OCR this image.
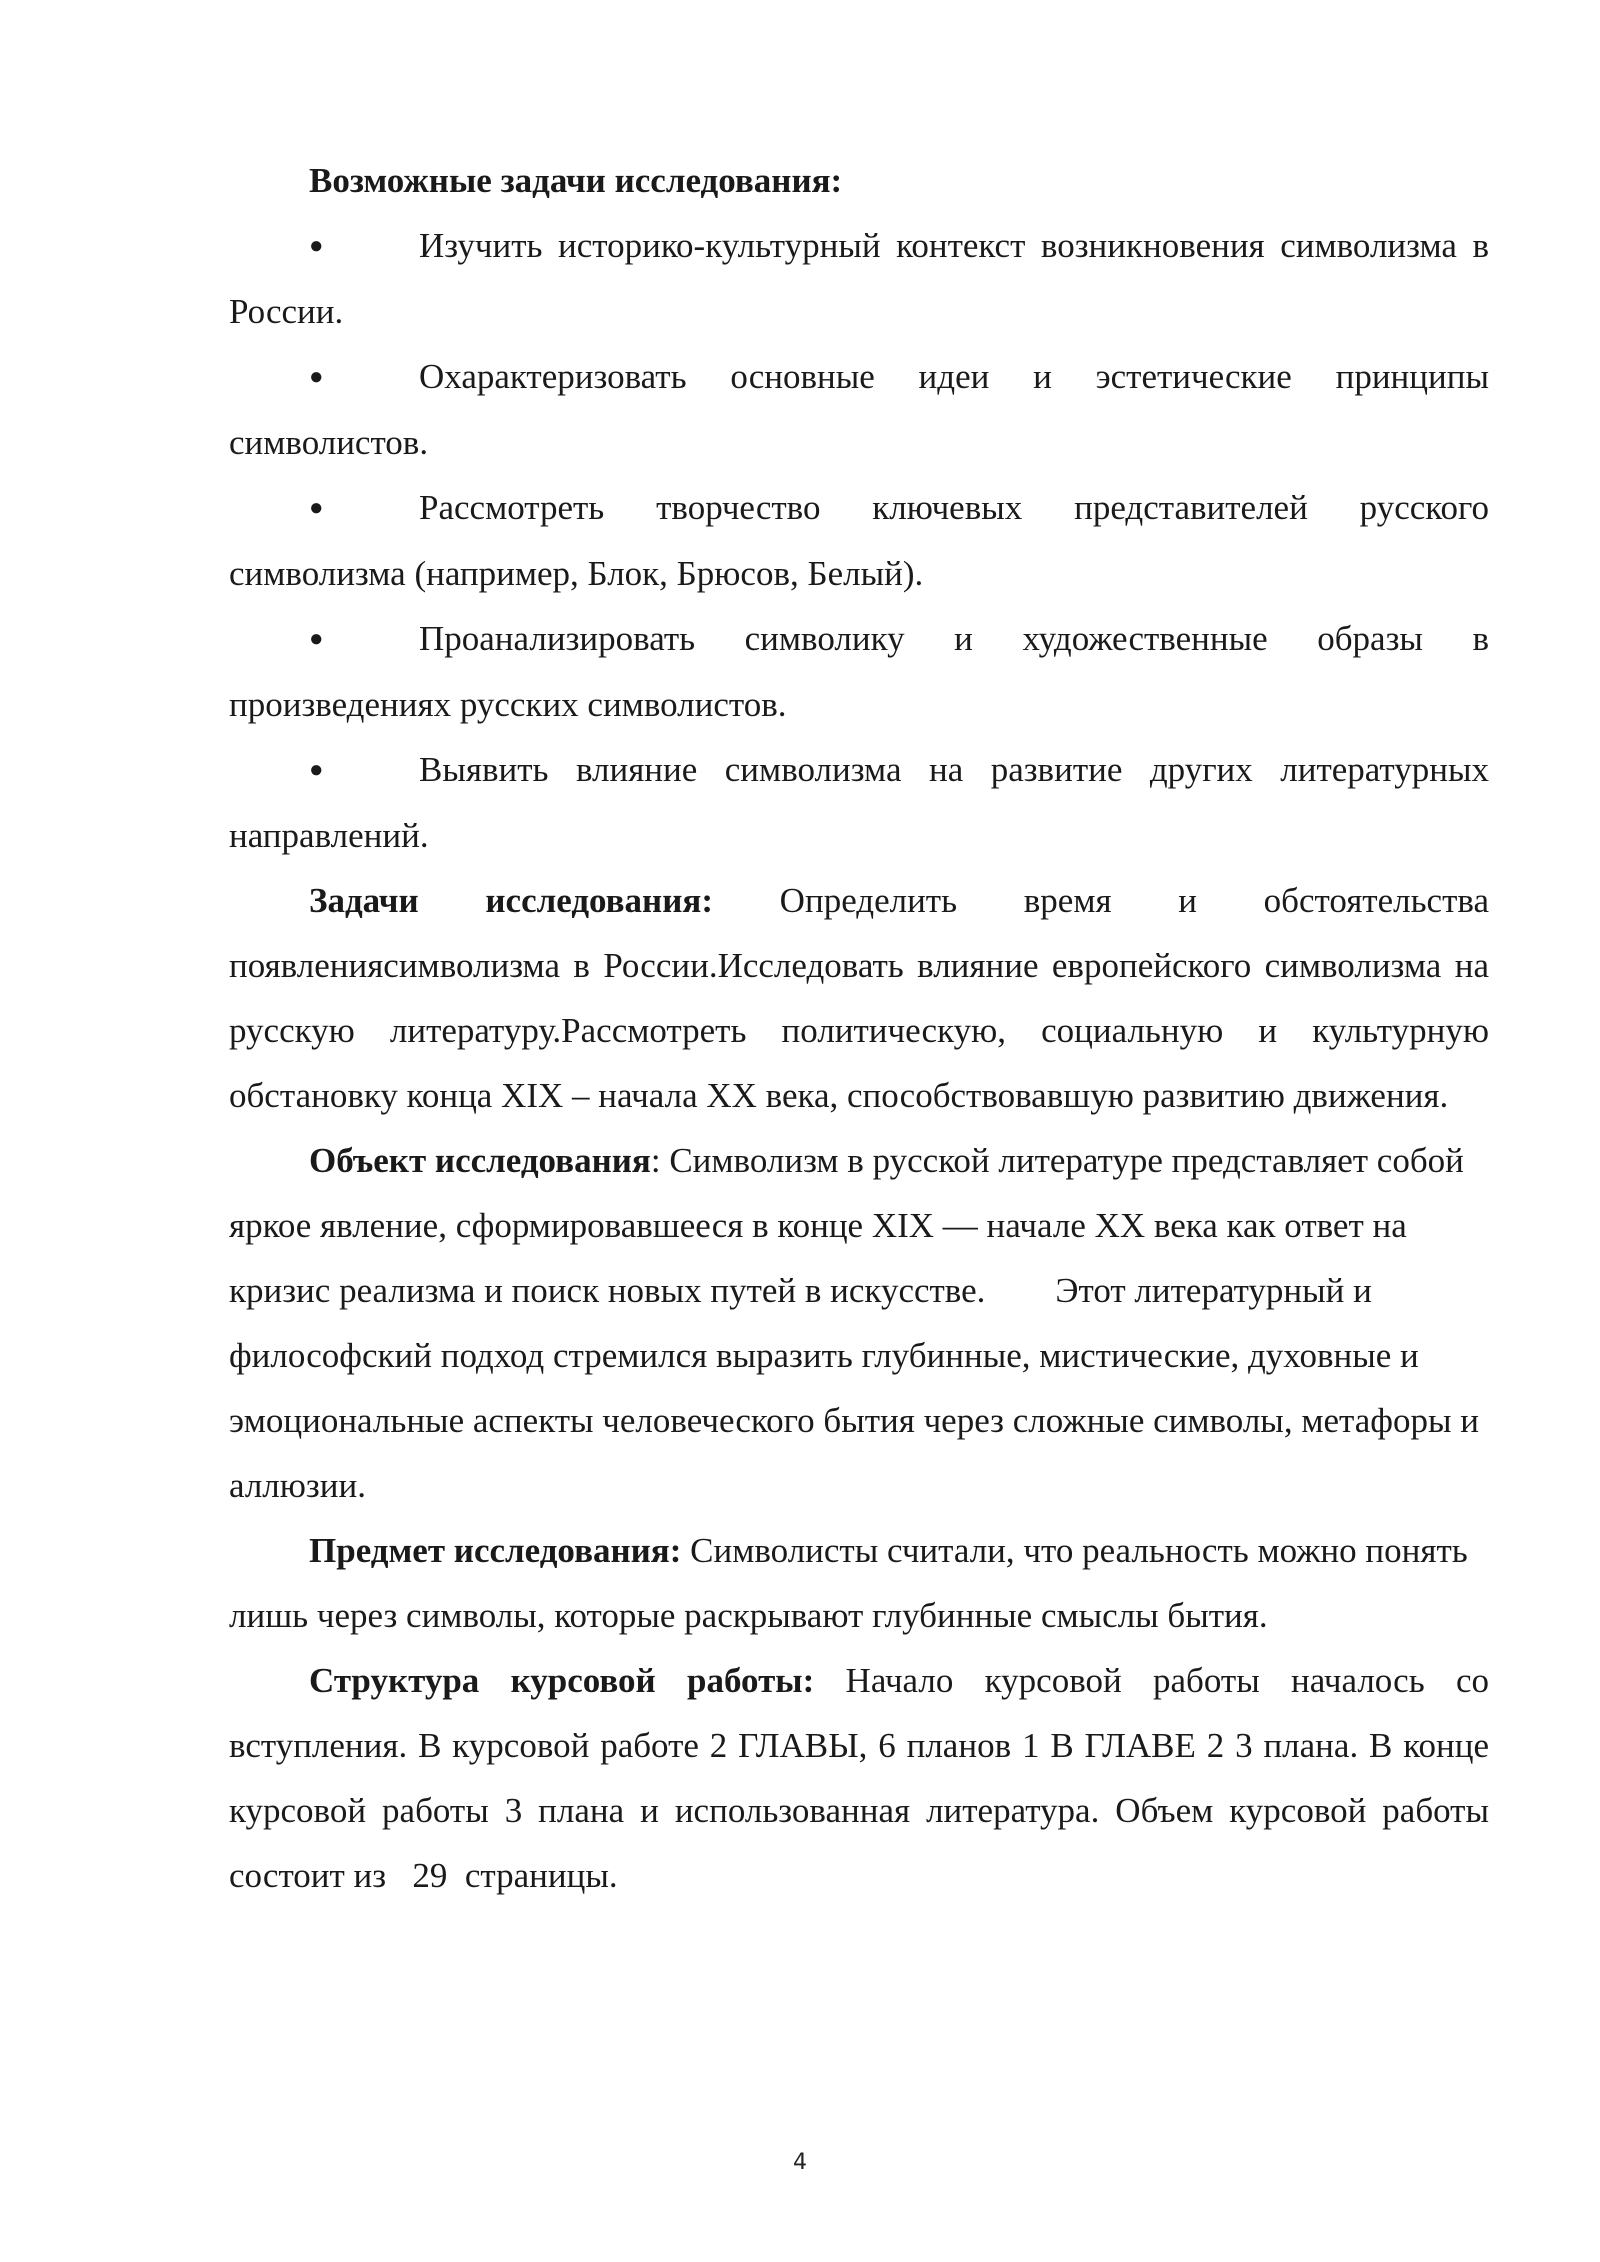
Возможные задачи исследования:

●Изучить историко-культурный контекст возникновения символизма в России.

●Охарактеризовать основные идеи и эстетические принципы символистов.

●Рассмотреть творчество ключевых представителей русского символизма (например, Блок, Брюсов, Белый).

●Проанализировать символику и художественные образы в произведениях русских символистов.

●Выявить влияние символизма на развитие других литературных направлений.

Задачи исследования: Определить время и обстоятельства появлениясимволизма в России.Исследовать влияние европейского символизма на русскую литературу.Рассмотреть политическую, социальную и культурную обстановку конца XIX – начала XX века, способствовавшую развитию движения.

Объект исследования: Символизм в русской литературе представляет собой яркое явление, сформировавшееся в конце XIX — начале XX века как ответ на кризис реализма и поиск новых путей в искусстве.        Этот литературный и философский подход стремился выразить глубинные, мистические, духовные и эмоциональные аспекты человеческого бытия через сложные символы, метафоры и аллюзии.

Предмет исследования: Символисты считали, что реальность можно понять лишь через символы, которые раскрывают глубинные смыслы бытия.

Структура курсовой работы: Начало курсовой работы началось со вступления. В курсовой работе 2 ГЛАВЫ, 6 планов 1 В ГЛАВЕ 2 3 плана. В конце курсовой работы 3 плана и использованная литература. Объем курсовой работы состоит из   29  страницы.

4
